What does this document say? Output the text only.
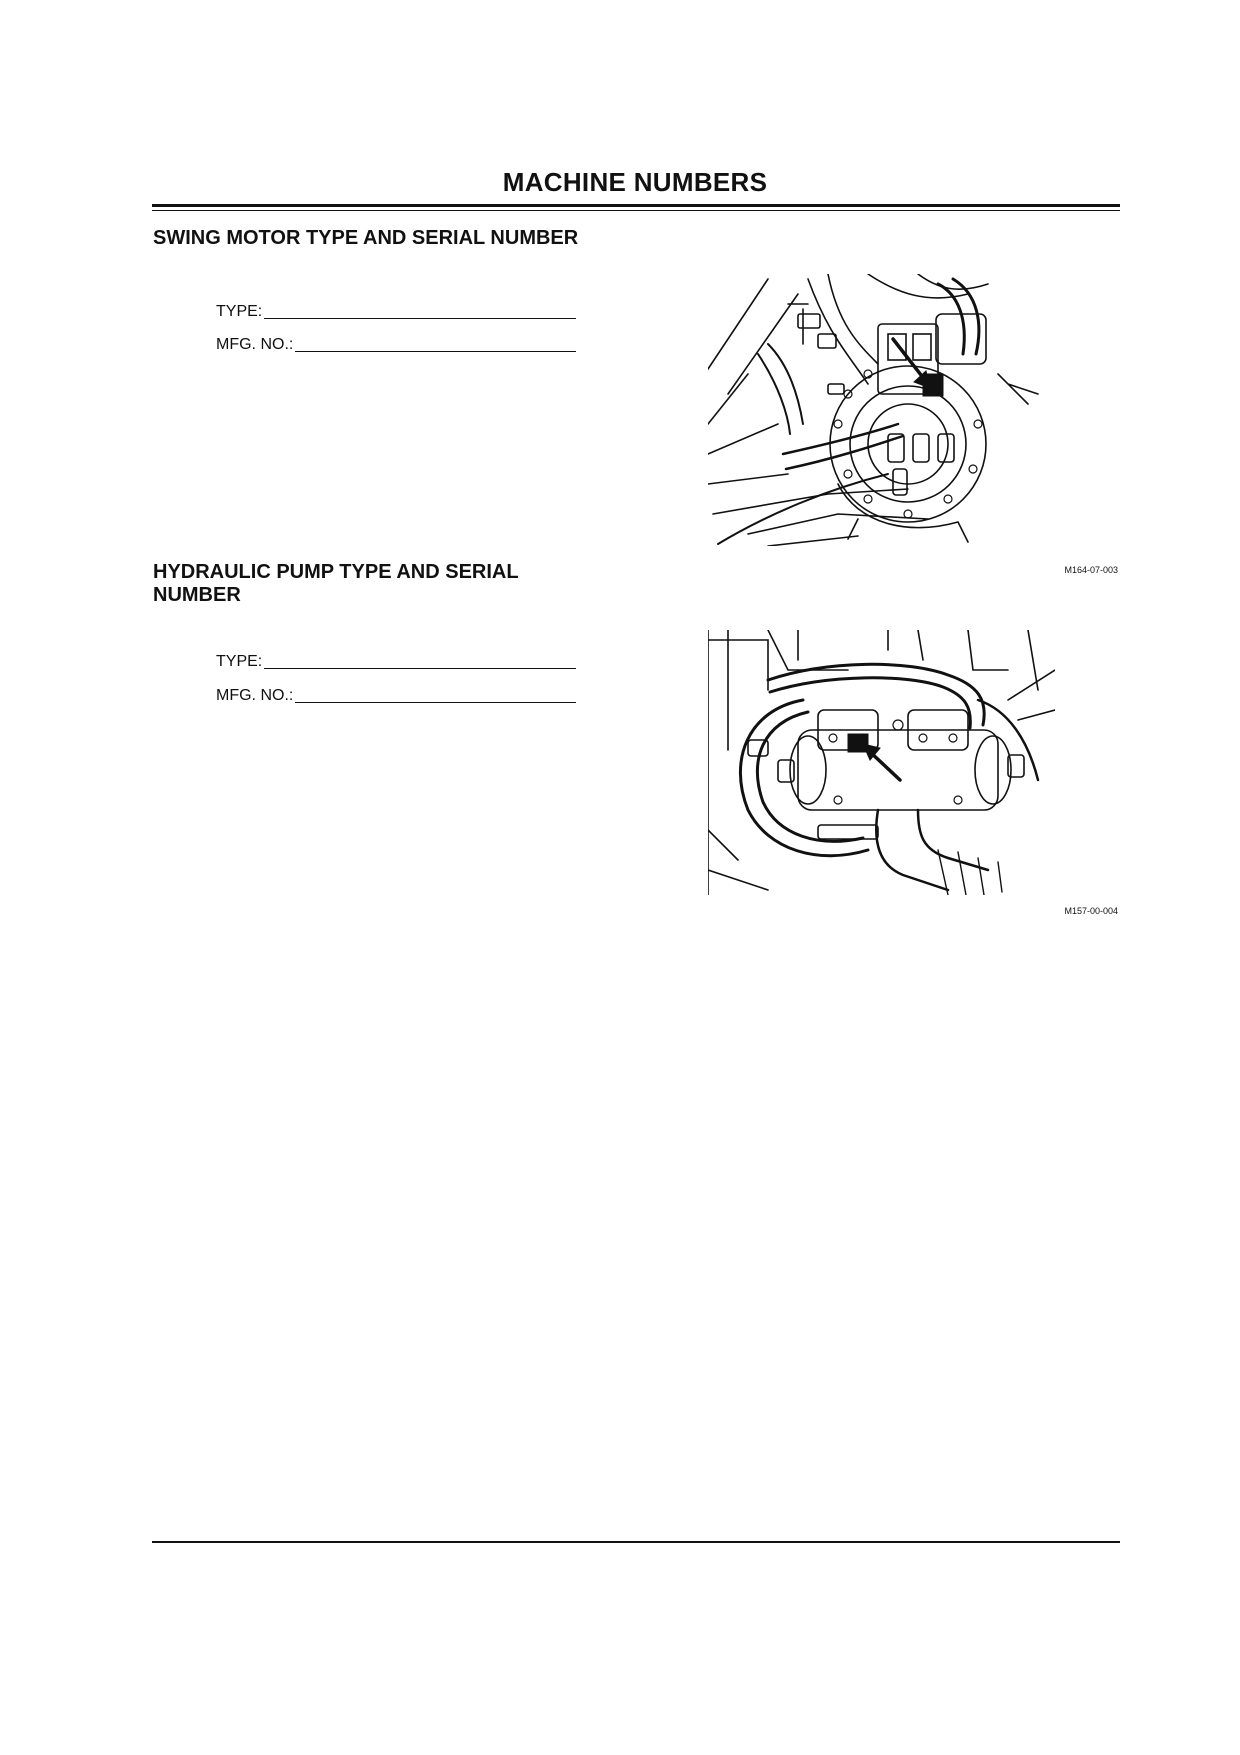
MACHINE NUMBERS
SWING MOTOR TYPE AND SERIAL NUMBER
TYPE:
MFG. NO.:
M164-07-003
HYDRAULIC PUMP TYPE AND SERIAL NUMBER
TYPE:
MFG. NO.:
M157-00-004
